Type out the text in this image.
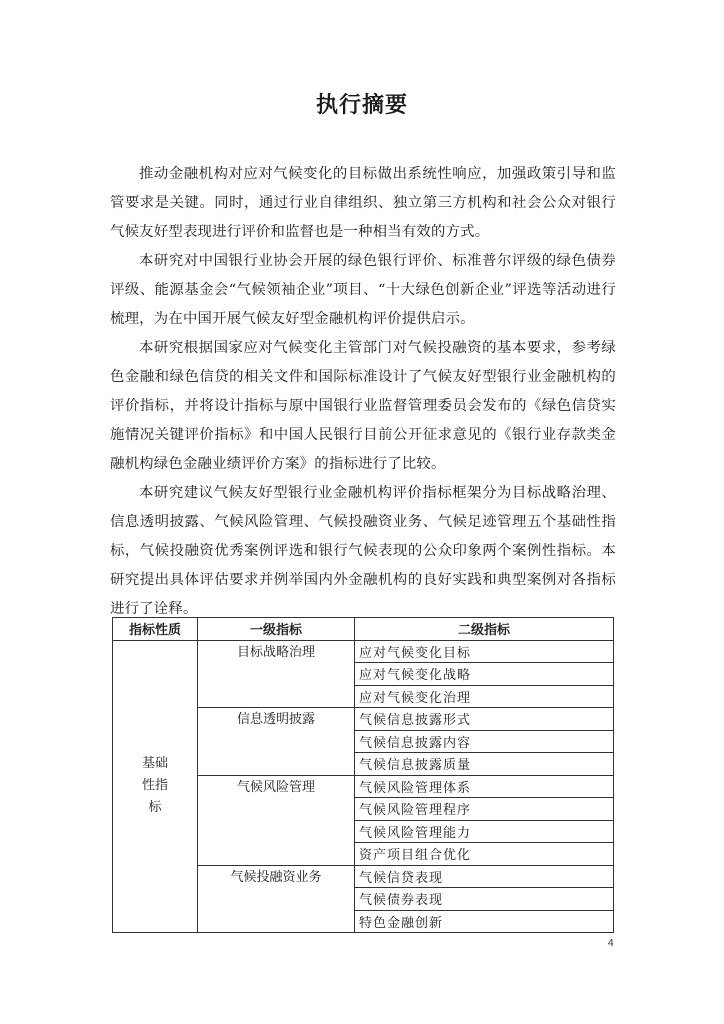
执行摘要

推动金融机构对应对气候变化的目标做出系统性响应，加强政策引导和监管要求是关键。同时，通过行业自律组织、独立第三方机构和社会公众对银行气候友好型表现进行评价和监督也是一种相当有效的方式。

本研究对中国银行业协会开展的绿色银行评价、标准普尔评级的绿色债券评级、能源基金会“气候领袖企业”项目、“十大绿色创新企业”评选等活动进行梳理，为在中国开展气候友好型金融机构评价提供启示。

本研究根据国家应对气候变化主管部门对气候投融资的基本要求，参考绿色金融和绿色信贷的相关文件和国际标准设计了气候友好型银行业金融机构的评价指标，并将设计指标与原中国银行业监督管理委员会发布的《绿色信贷实施情况关键评价指标》和中国人民银行目前公开征求意见的《银行业存款类金融机构绿色金融业绩评价方案》的指标进行了比较。

本研究建议气候友好型银行业金融机构评价指标框架分为目标战略治理、信息透明披露、气候风险管理、气候投融资业务、气候足迹管理五个基础性指标，气候投融资优秀案例评选和银行气候表现的公众印象两个案例性指标。本研究提出具体评估要求并例举国内外金融机构的良好实践和典型案例对各指标进行了诠释。

指标性质	一级指标	二级指标
基础性指标	目标战略治理	应对气候变化目标
		应对气候变化战略
		应对气候变化治理
	信息透明披露	气候信息披露形式
		气候信息披露内容
		气候信息披露质量
	气候风险管理	气候风险管理体系
		气候风险管理程序
		气候风险管理能力
		资产项目组合优化
	气候投融资业务	气候信贷表现
		气候债券表现
		特色金融创新
4
